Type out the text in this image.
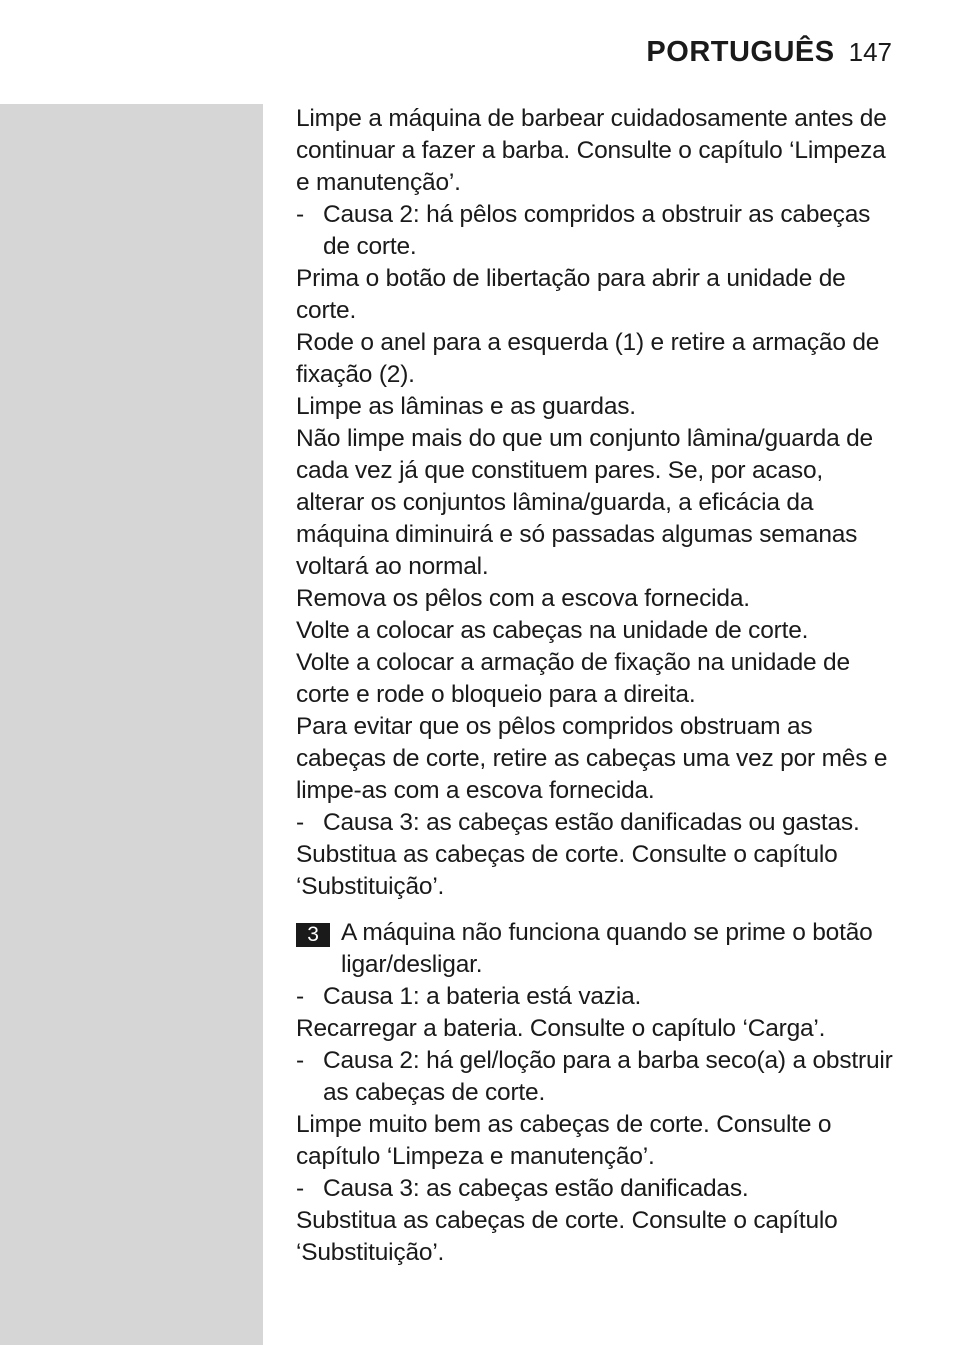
PORTUGUÊS 147

Limpe a máquina de barbear cuidadosamente antes de continuar a fazer a barba. Consulte o capítulo ‘Limpeza e manutenção’.

- Causa 2: há pêlos compridos a obstruir as cabeças de corte.

Prima o botão de libertação para abrir a unidade de corte.

Rode o anel para a esquerda (1) e retire a armação de fixação (2).

Limpe as lâminas e as guardas.

Não limpe mais do que um conjunto lâmina/guarda de cada vez já que constituem pares. Se, por acaso, alterar os conjuntos lâmina/guarda, a eficácia da máquina diminuirá e só passadas algumas semanas voltará ao normal.

Remova os pêlos com a escova fornecida.

Volte a colocar as cabeças na unidade de corte.

Volte a colocar a armação de fixação na unidade de corte e rode o bloqueio para a direita.

Para evitar que os pêlos compridos obstruam as cabeças de corte, retire as cabeças uma vez por mês e limpe-as com a escova fornecida.

- Causa 3: as cabeças estão danificadas ou gastas.

Substitua as cabeças de corte. Consulte o capítulo ‘Substituição’.

3 A máquina não funciona quando se prime o botão ligar/desligar.

- Causa 1: a bateria está vazia.

Recarregar a bateria. Consulte o capítulo ‘Carga’.

- Causa 2: há gel/loção para a barba seco(a) a obstruir as cabeças de corte.

Limpe muito bem as cabeças de corte. Consulte o capítulo ‘Limpeza e manutenção’.

- Causa 3: as cabeças estão danificadas.

Substitua as cabeças de corte. Consulte o capítulo ‘Substituição’.
